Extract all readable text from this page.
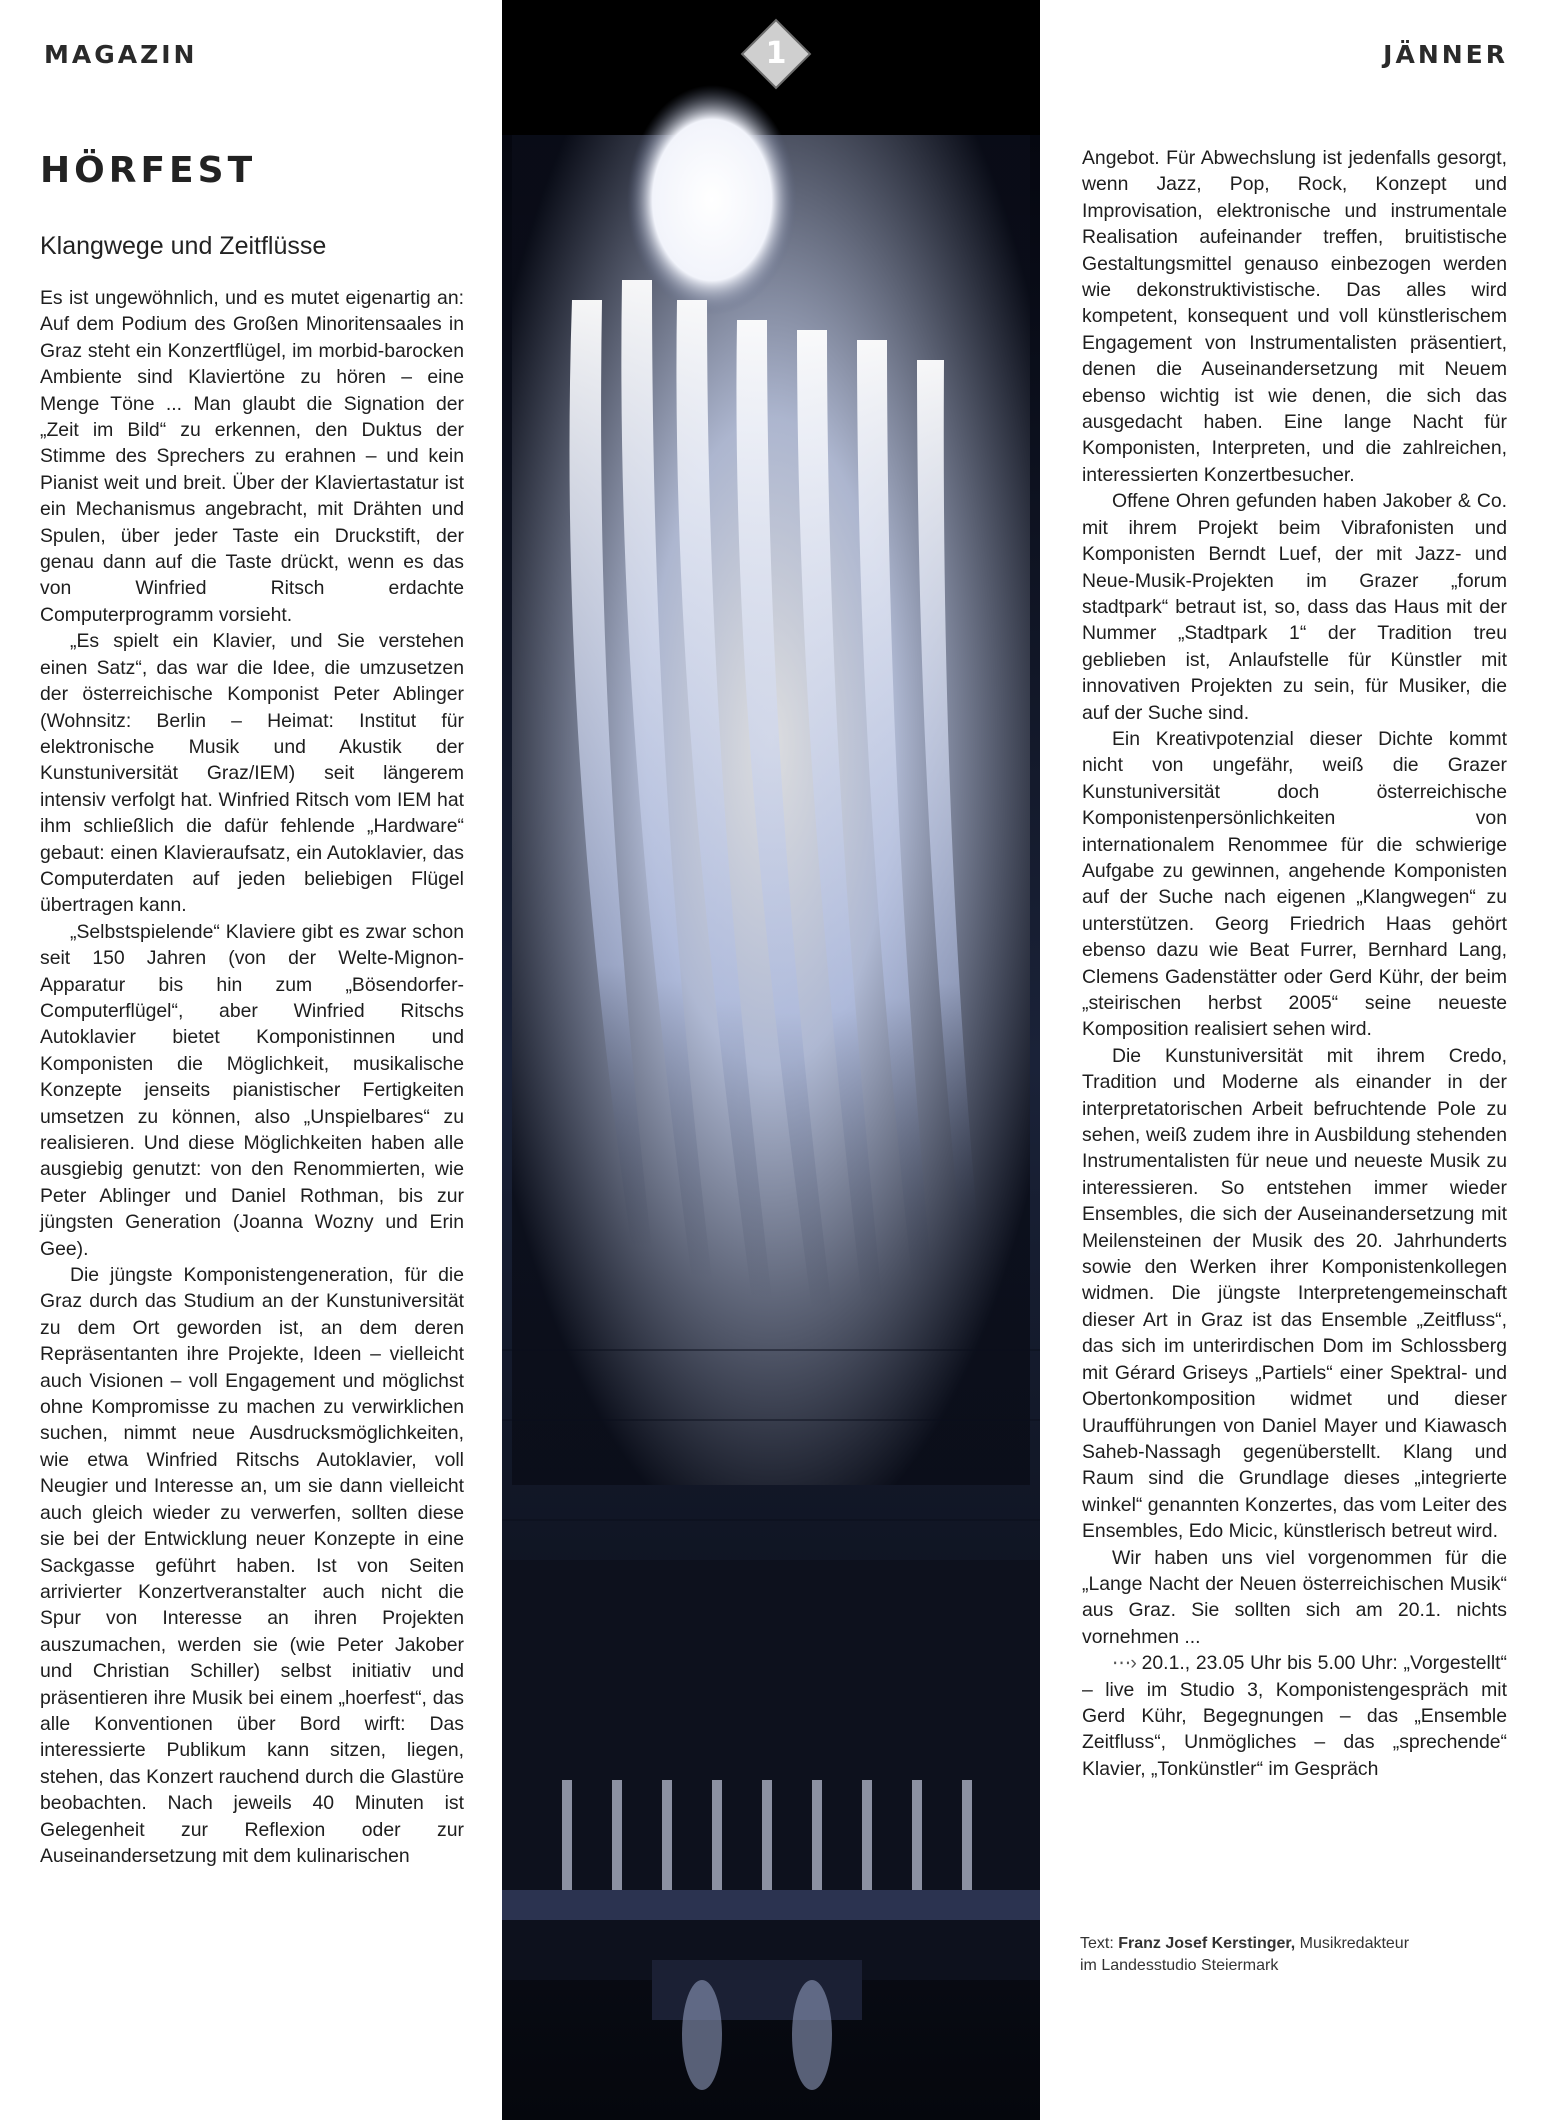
MAGAZIN	JÄNNER
1
HÖRFEST
Klangwege und Zeitflüsse

Es ist ungewöhnlich, und es mutet eigenartig an: Auf dem Podium des Großen Minoritensaales in Graz steht ein Konzertflügel, im morbid-barocken Ambiente sind Klaviertöne zu hören – eine Menge Töne ... Man glaubt die Signation der „Zeit im Bild“ zu erkennen, den Duktus der Stimme des Sprechers zu erahnen – und kein Pianist weit und breit. Über der Klaviertastatur ist ein Mechanismus angebracht, mit Drähten und Spulen, über jeder Taste ein Druckstift, der genau dann auf die Taste drückt, wenn es das von Winfried Ritsch erdachte Computerprogramm vorsieht.

„Es spielt ein Klavier, und Sie verstehen einen Satz“, das war die Idee, die umzusetzen der österreichische Komponist Peter Ablinger (Wohnsitz: Berlin – Heimat: Institut für elektronische Musik und Akustik der Kunstuniversität Graz/IEM) seit längerem intensiv verfolgt hat. Winfried Ritsch vom IEM hat ihm schließlich die dafür fehlende „Hardware“ gebaut: einen Klavieraufsatz, ein Autoklavier, das Computerdaten auf jeden beliebigen Flügel übertragen kann.

„Selbstspielende“ Klaviere gibt es zwar schon seit 150 Jahren (von der Welte-Mignon-Apparatur bis hin zum „Bösendorfer-Computerflügel“, aber Winfried Ritschs Autoklavier bietet Komponistinnen und Komponisten die Möglichkeit, musikalische Konzepte jenseits pianistischer Fertigkeiten umsetzen zu können, also „Unspielbares“ zu realisieren. Und diese Möglichkeiten haben alle ausgiebig genutzt: von den Renommierten, wie Peter Ablinger und Daniel Rothman, bis zur jüngsten Generation (Joanna Wozny und Erin Gee).

Die jüngste Komponistengeneration, für die Graz durch das Studium an der Kunstuniversität zu dem Ort geworden ist, an dem deren Repräsentanten ihre Projekte, Ideen – vielleicht auch Visionen – voll Engagement und möglichst ohne Kompromisse zu machen zu verwirklichen suchen, nimmt neue Ausdrucksmöglichkeiten, wie etwa Winfried Ritschs Autoklavier, voll Neugier und Interesse an, um sie dann vielleicht auch gleich wieder zu verwerfen, sollten diese sie bei der Entwicklung neuer Konzepte in eine Sackgasse geführt haben. Ist von Seiten arrivierter Konzertveranstalter auch nicht die Spur von Interesse an ihren Projekten auszumachen, werden sie (wie Peter Jakober und Christian Schiller) selbst initiativ und präsentieren ihre Musik bei einem „hoerfest“, das alle Konventionen über Bord wirft: Das interessierte Publikum kann sitzen, liegen, stehen, das Konzert rauchend durch die Glastüre beobachten. Nach jeweils 40 Minuten ist Gelegenheit zur Reflexion oder zur Auseinandersetzung mit dem kulinarischen

Angebot. Für Abwechslung ist jedenfalls gesorgt, wenn Jazz, Pop, Rock, Konzept und Improvisation, elektronische und instrumentale Realisation aufeinander treffen, bruitistische Gestaltungsmittel genauso einbezogen werden wie dekonstruktivistische. Das alles wird kompetent, konsequent und voll künstlerischem Engagement von Instrumentalisten präsentiert, denen die Auseinandersetzung mit Neuem ebenso wichtig ist wie denen, die sich das ausgedacht haben. Eine lange Nacht für Komponisten, Interpreten, und die zahlreichen, interessierten Konzertbesucher.

Offene Ohren gefunden haben Jakober & Co. mit ihrem Projekt beim Vibrafonisten und Komponisten Berndt Luef, der mit Jazz- und Neue-Musik-Projekten im Grazer „forum stadtpark“ betraut ist, so, dass das Haus mit der Nummer „Stadtpark 1“ der Tradition treu geblieben ist, Anlaufstelle für Künstler mit innovativen Projekten zu sein, für Musiker, die auf der Suche sind.

Ein Kreativpotenzial dieser Dichte kommt nicht von ungefähr, weiß die Grazer Kunstuniversität doch österreichische Komponistenpersönlichkeiten von internationalem Renommee für die schwierige Aufgabe zu gewinnen, angehende Komponisten auf der Suche nach eigenen „Klangwegen“ zu unterstützen. Georg Friedrich Haas gehört ebenso dazu wie Beat Furrer, Bernhard Lang, Clemens Gadenstätter oder Gerd Kühr, der beim „steirischen herbst 2005“ seine neueste Komposition realisiert sehen wird.

Die Kunstuniversität mit ihrem Credo, Tradition und Moderne als einander in der interpretatorischen Arbeit befruchtende Pole zu sehen, weiß zudem ihre in Ausbildung stehenden Instrumentalisten für neue und neueste Musik zu interessieren. So entstehen immer wieder Ensembles, die sich der Auseinandersetzung mit Meilensteinen der Musik des 20. Jahrhunderts sowie den Werken ihrer Komponistenkollegen widmen. Die jüngste Interpretengemeinschaft dieser Art in Graz ist das Ensemble „Zeitfluss“, das sich im unterirdischen Dom im Schlossberg mit Gérard Griseys „Partiels“ einer Spektral- und Obertonkomposition widmet und dieser Uraufführungen von Daniel Mayer und Kiawasch Saheb-Nassagh gegenüberstellt. Klang und Raum sind die Grundlage dieses „integrierte winkel“ genannten Konzertes, das vom Leiter des Ensembles, Edo Micic, künstlerisch betreut wird.

Wir haben uns viel vorgenommen für die „Lange Nacht der Neuen österreichischen Musik“ aus Graz. Sie sollten sich am 20.1. nichts vornehmen ...

⋯› 20.1., 23.05 Uhr bis 5.00 Uhr: „Vorgestellt“ – live im Studio 3, Komponistengespräch mit Gerd Kühr, Begegnungen – das „Ensemble Zeitfluss“, Unmögliches – das „sprechende“ Klavier, „Tonkünstler“ im Gespräch

Text: Franz Josef Kerstinger, Musikredakteur
im Landesstudio Steiermark
